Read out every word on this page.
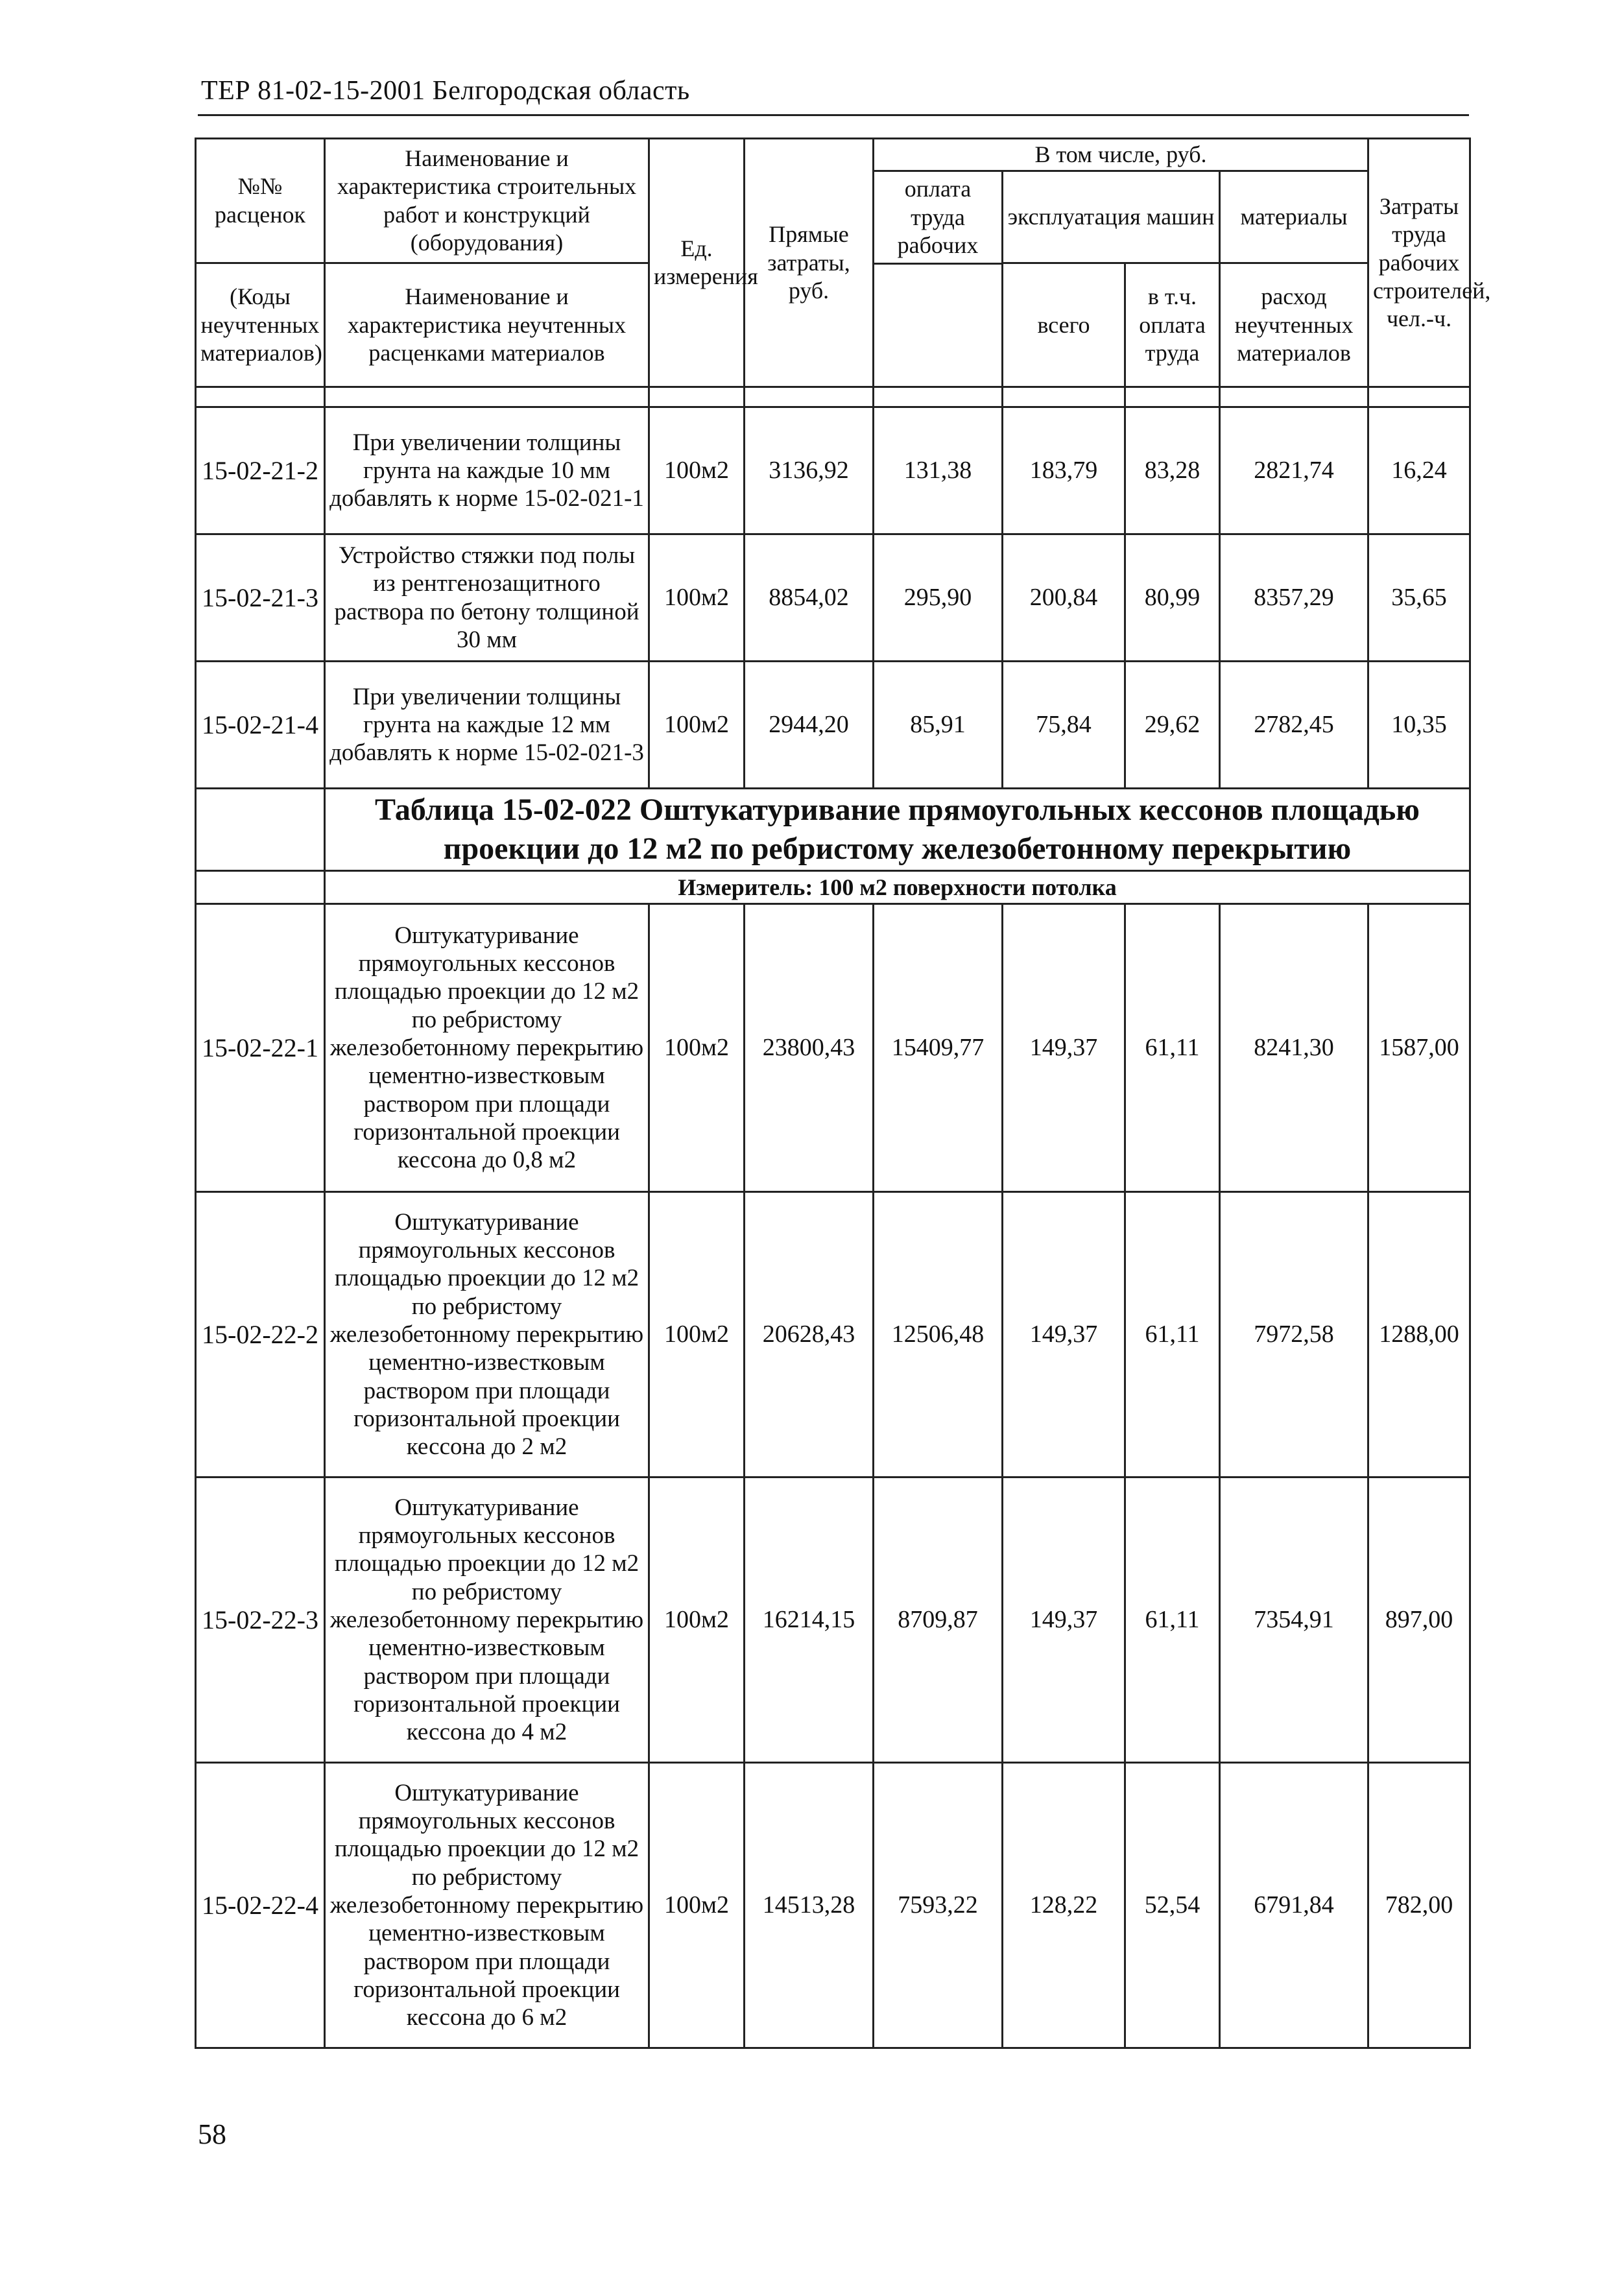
ТЕР 81-02-15-2001 Белгородская область
№№ расценок	Наименование и характеристика строительных работ и конструкций (оборудования)	Ед. измерения	Прямые затраты, руб.	В том числе, руб.				Затраты труда рабочих строителей, чел.-ч.
				оплата труда рабочих	эксплуатация машин		материалы	
(Коды неучтенных материалов)	Наименование и характеристика неучтенных расценками материалов				всего	в т.ч. оплата труда	расход неучтенных материалов	

15-02-21-2	При увеличении толщины грунта на каждые 10 мм добавлять к норме 15-02-021-1	100м2	3136,92	131,38	183,79	83,28	2821,74	16,24
15-02-21-3	Устройство стяжки под полы из рентгенозащитного раствора по бетону толщиной 30 мм	100м2	8854,02	295,90	200,84	80,99	8357,29	35,65
15-02-21-4	При увеличении толщины грунта на каждые 12 мм добавлять к норме 15-02-021-3	100м2	2944,20	85,91	75,84	29,62	2782,45	10,35
	Таблица 15-02-022 Оштукатуривание прямоугольных кессонов площадью проекции до 12 м2 по ребристому железобетонному перекрытию							
	Измеритель: 100 м2 поверхности потолка							
15-02-22-1	Оштукатуривание прямоугольных кессонов площадью проекции до 12 м2 по ребристому железобетонному перекрытию цементно-известковым раствором при площади горизонтальной проекции кессона до 0,8 м2	100м2	23800,43	15409,77	149,37	61,11	8241,30	1587,00
15-02-22-2	Оштукатуривание прямоугольных кессонов площадью проекции до 12 м2 по ребристому железобетонному перекрытию цементно-известковым раствором при площади горизонтальной проекции кессона до 2 м2	100м2	20628,43	12506,48	149,37	61,11	7972,58	1288,00
15-02-22-3	Оштукатуривание прямоугольных кессонов площадью проекции до 12 м2 по ребристому железобетонному перекрытию цементно-известковым раствором при площади горизонтальной проекции кессона до 4 м2	100м2	16214,15	8709,87	149,37	61,11	7354,91	897,00
15-02-22-4	Оштукатуривание прямоугольных кессонов площадью проекции до 12 м2 по ребристому железобетонному перекрытию цементно-известковым раствором при площади горизонтальной проекции кессона до 6 м2	100м2	14513,28	7593,22	128,22	52,54	6791,84	782,00
58
